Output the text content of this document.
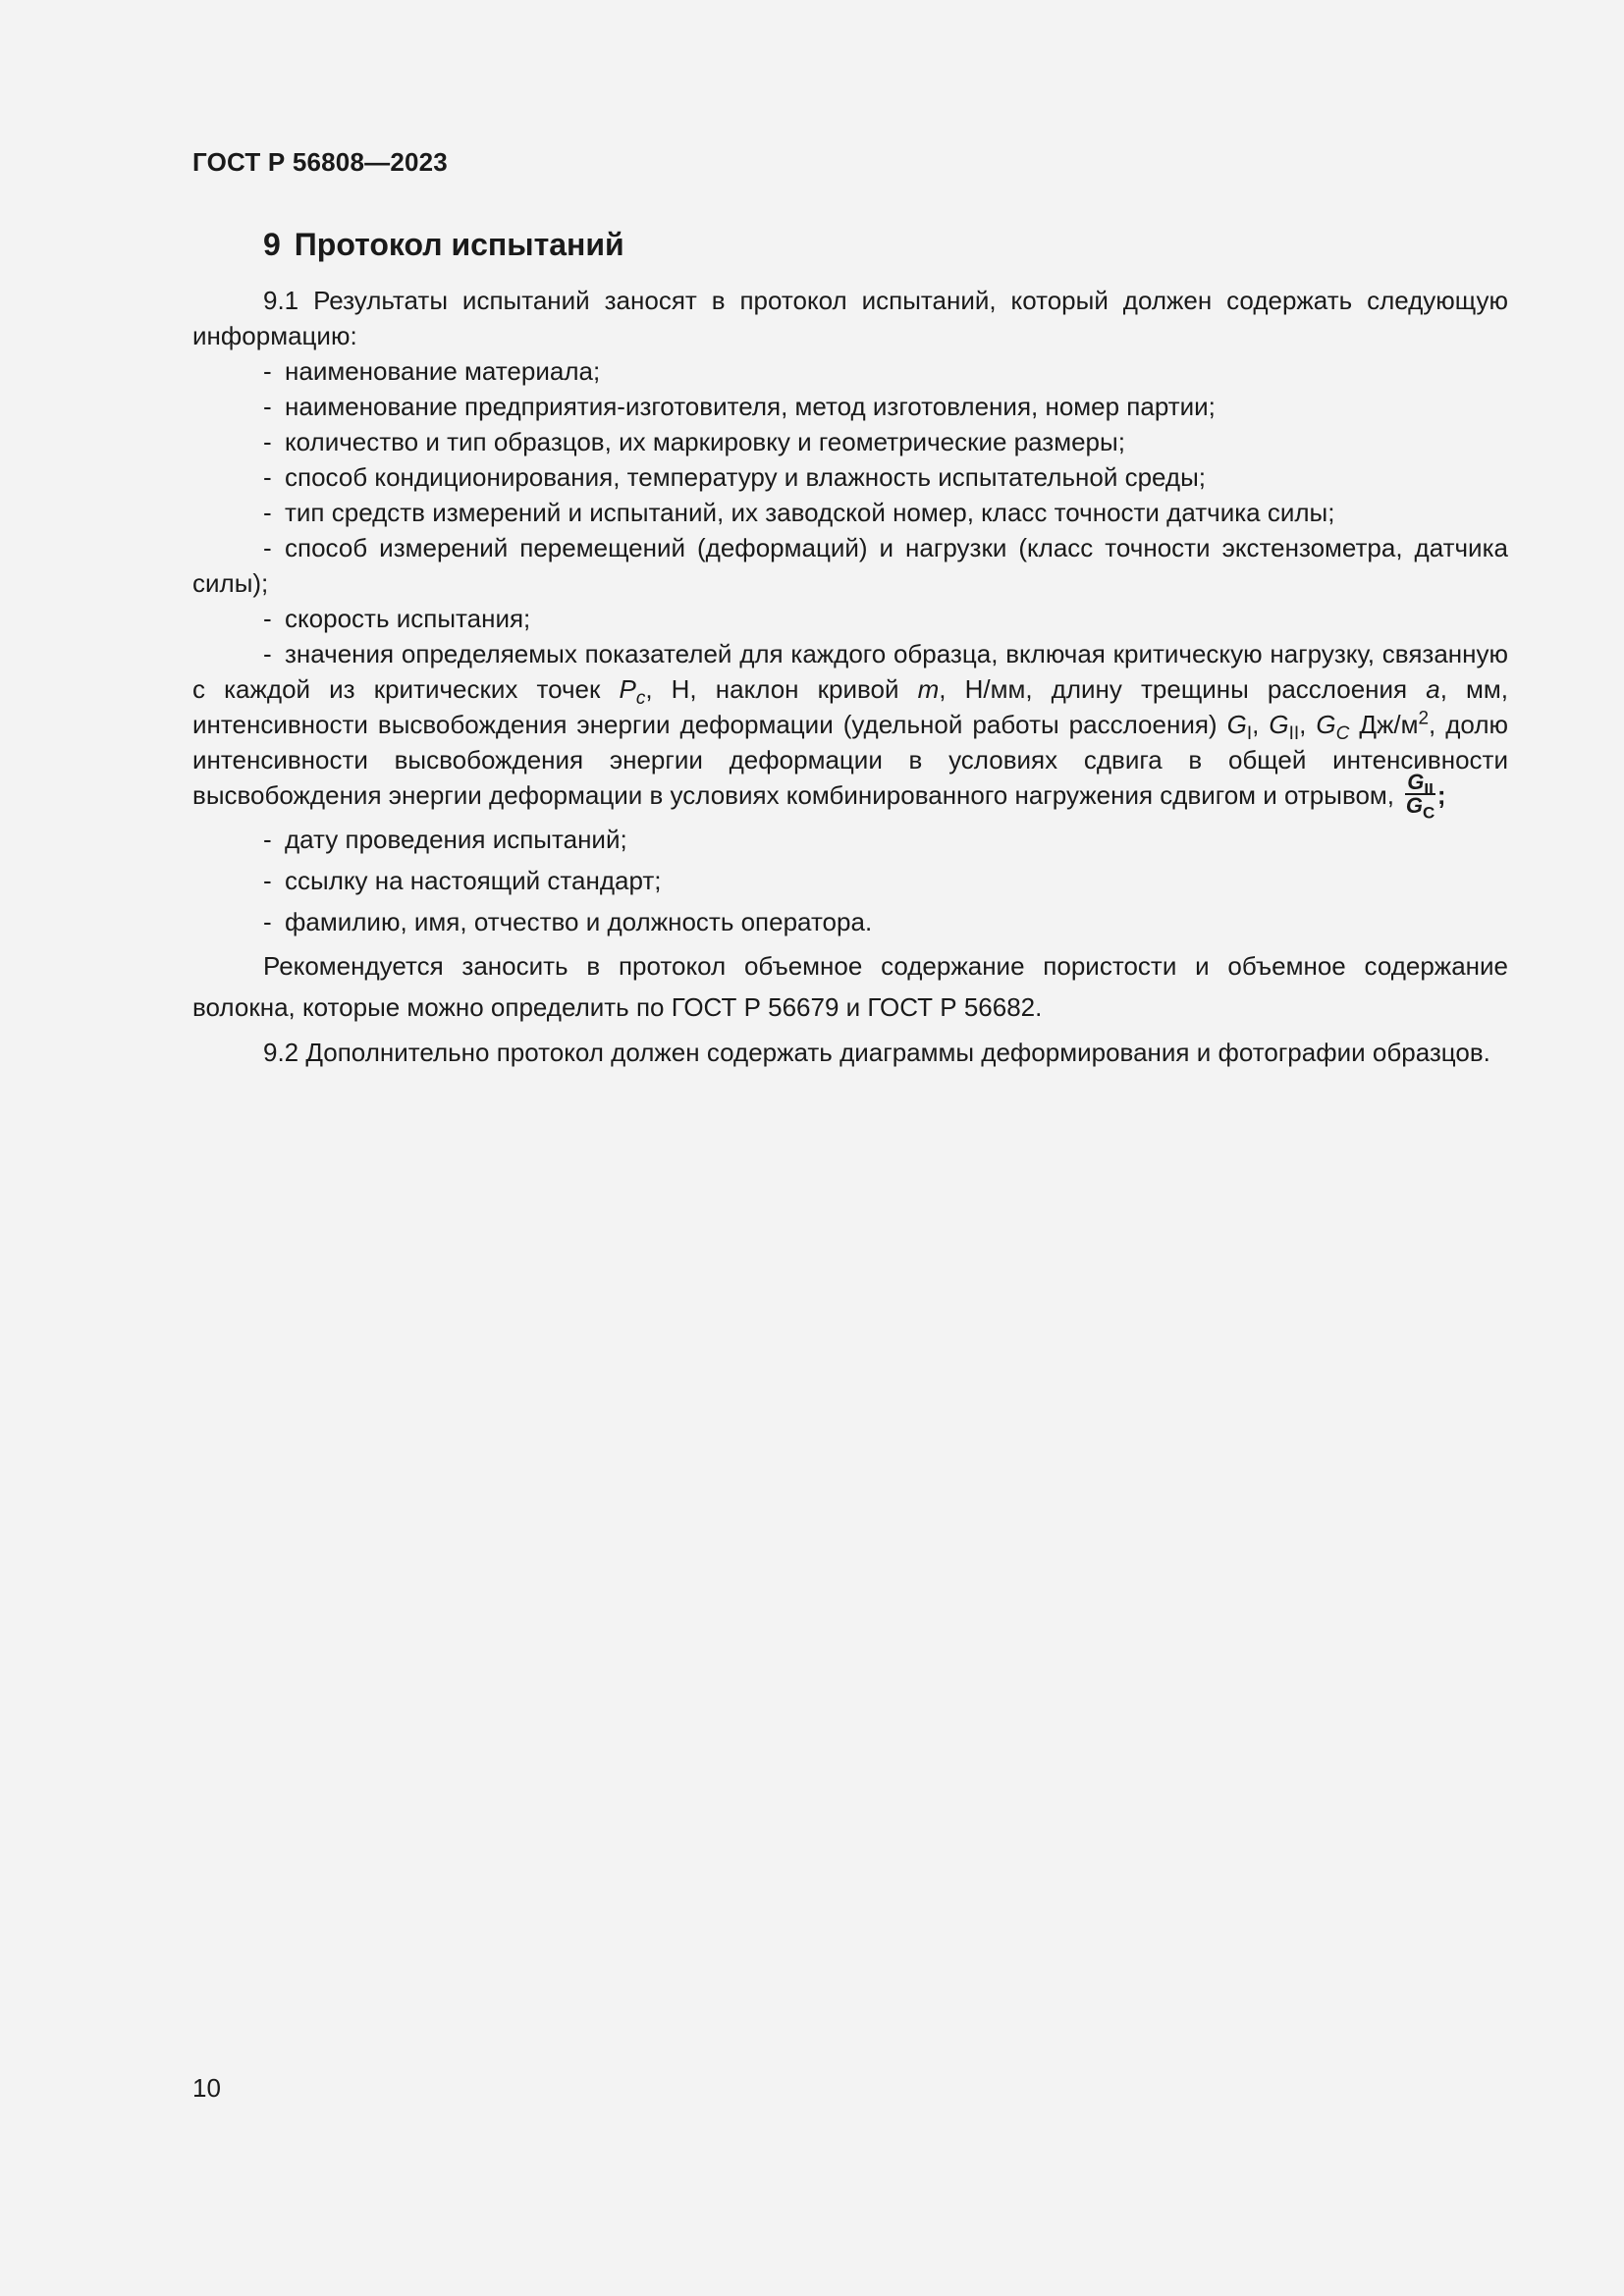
ГОСТ Р 56808—2023
9 Протокол испытаний

9.1 Результаты испытаний заносят в протокол испытаний, который должен содержать следующую информацию:

- наименование материала;

- наименование предприятия-изготовителя, метод изготовления, номер партии;

- количество и тип образцов, их маркировку и геометрические размеры;

- способ кондиционирования, температуру и влажность испытательной среды;

- тип средств измерений и испытаний, их заводской номер, класс точности датчика силы;

- способ измерений перемещений (деформаций) и нагрузки (класс точности экстензометра, датчика силы);

- скорость испытания;

- значения определяемых показателей для каждого образца, включая критическую нагрузку, связанную с каждой из критических точек $P_c$, Н, наклон кривой m, Н/мм, длину трещины расслоения a, мм, интенсивности высвобождения энергии деформации (удельной работы расслоения) $G_I$, $G_{II}$, $G_C$ $Дж/м^2$, долю интенсивности высвобождения энергии деформации в условиях сдвига в общей интенсивности высвобождения энергии деформации в условиях комбинированного нагружения сдвигом и отрывом, $\frac{G_{II}}{G_C}$ ;

- дату проведения испытаний;

- ссылку на настоящий стандарт;

- фамилию, имя, отчество и должность оператора.

Рекомендуется заносить в протокол объемное содержание пористости и объемное содержание волокна, которые можно определить по ГОСТ Р 56679 и ГОСТ Р 56682.

9.2 Дополнительно протокол должен содержать диаграммы деформирования и фотографии образцов.

10
